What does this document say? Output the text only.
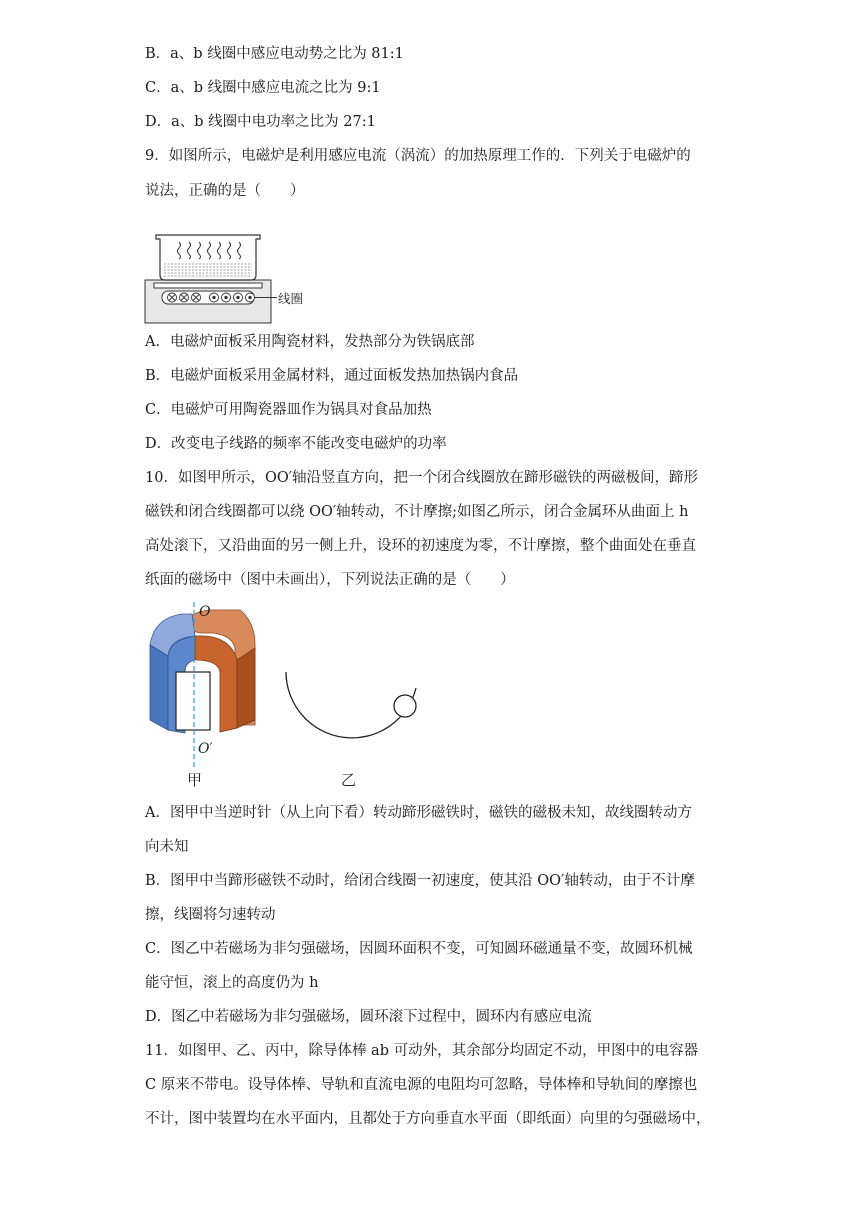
B．a、b 线圈中感应电动势之比为 81:1
C．a、b 线圈中感应电流之比为 9:1
D．a、b 线圈中电功率之比为 27:1
9．如图所示，电磁炉是利用感应电流（涡流）的加热原理工作的．下列关于电磁炉的
说法，正确的是（　　）
线圈
A．电磁炉面板采用陶瓷材料，发热部分为铁锅底部
B．电磁炉面板采用金属材料，通过面板发热加热锅内食品
C．电磁炉可用陶瓷器皿作为锅具对食品加热
D．改变电子线路的频率不能改变电磁炉的功率
10．如图甲所示，OO′轴沿竖直方向，把一个闭合线圈放在蹄形磁铁的两磁极间，蹄形
磁铁和闭合线圈都可以绕 OO′轴转动，不计摩擦;如图乙所示，闭合金属环从曲面上 h
高处滚下，又沿曲面的另一侧上升，设环的初速度为零，不计摩擦，整个曲面处在垂直
纸面的磁场中（图中未画出），下列说法正确的是（　　）
O
O′
甲	乙
A．图甲中当逆时针（从上向下看）转动蹄形磁铁时，磁铁的磁极未知，故线圈转动方
向未知
B．图甲中当蹄形磁铁不动时，给闭合线圈一初速度，使其沿 OO′轴转动，由于不计摩
擦，线圈将匀速转动
C．图乙中若磁场为非匀强磁场，因圆环面积不变，可知圆环磁通量不变，故圆环机械
能守恒，滚上的高度仍为 h
D．图乙中若磁场为非匀强磁场，圆环滚下过程中，圆环内有感应电流
11．如图甲、乙、丙中，除导体棒 ab 可动外，其余部分均固定不动，甲图中的电容器
C 原来不带电。设导体棒、导轨和直流电源的电阻均可忽略，导体棒和导轨间的摩擦也
不计，图中装置均在水平面内，且都处于方向垂直水平面（即纸面）向里的匀强磁场中，
